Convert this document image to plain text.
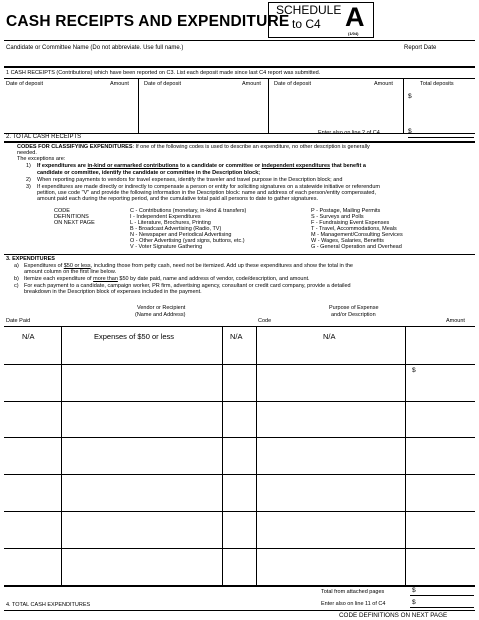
CASH RECEIPTS AND EXPENDITURE
SCHEDULE
to C4 A
(1/04)
Candidate or Committee Name (Do not abbreviate. Use full name.)	Report Date
1 CASH RECEIPTS (Contributions) which have been reported on C3. List each deposit made since last C4 report was submitted.
Date of deposit	Amount	Date of deposit	Amount Date of deposit	Amount	Total deposits
$
2. TOTAL CASH RECEIPTS
Enter also on line 2 of C4	$
CODES FOR CLASSIFYING EXPENDITURES: If one of the following codes is used to describe an expenditure, no other description is generally
needed.
The exceptions are:
1) If expenditures are in-kind or earmarked contributions to a candidate or committee or independent expenditures that benefit a
candidate or committee, identify the candidate or committee in the Description block;
2) When reporting payments to vendors for travel expenses, identify the traveler and travel purpose in the Description block; and
3) If expenditures are made directly or indirectly to compensate a person or entity for soliciting signatures on a statewide initiative or referendum
petition, use code "V" and provide the following information in the Description block: name and address of each person/entity compensated,
amount paid each during the reporting period, and the cumulative total paid all persons to date to gather signatures.
CODE
DEFINITIONS
ON NEXT PAGE
C - Contributions (monetary, in-kind & transfers)
I - Independent Expenditures
L - Literature, Brochures, Printing
B - Broadcast Advertising (Radio, TV)
N - Newspaper and Periodical Advertising
O - Other Advertising (yard signs, buttons, etc.)
V - Voter Signature Gathering
P - Postage, Mailing Permits
S - Surveys and Polls
F - Fundraising Event Expenses
T - Travel, Accommodations, Meals
M - Management/Consulting Services
W - Wages, Salaries, Benefits
G - General Operation and Overhead
3. EXPENDITURES
a) Expenditures of $50 or less, including those from petty cash, need not be itemized. Add up these expenditures and show the total in the
amount column on the first line below.
b) Itemize each expenditure of more than $50 by date paid, name and address of vendor, code/description, and amount.
c) For each payment to a candidate, campaign worker, PR firm, advertising agency, consultant or credit card company, provide a detailed
breakdown in the Description block of expenses included in the payment.
Date Paid
Vendor or Recipient
(Name and Address)
Code
Purpose of Expense
and/or Description
Amount
N/A	Expenses of $50 or less	N/A	N/A
$
Total from attached pages	$
4. TOTAL CASH EXPENDITURES	Enter also on line 11 of C4	$
CODE DEFINITIONS ON NEXT PAGE
